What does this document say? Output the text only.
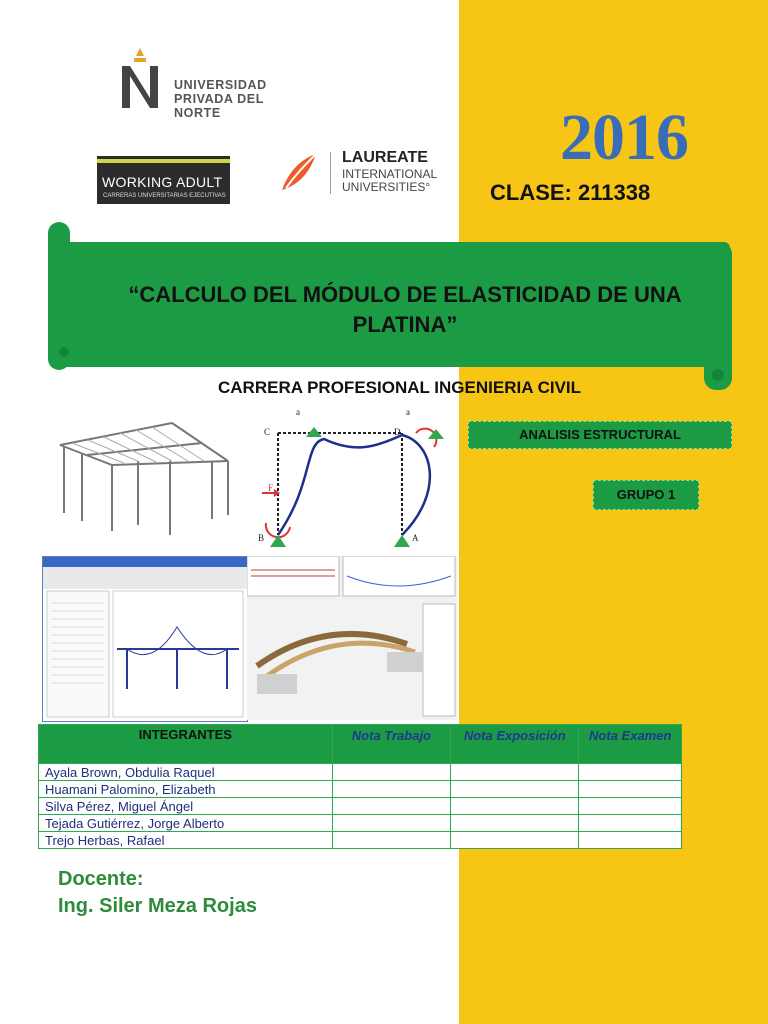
UNIVERSIDAD
PRIVADA DEL NORTE
WORKING ADULT
CARRERAS UNIVERSITARIAS EJECUTIVAS
LAUREATE
INTERNATIONAL
UNIVERSITIES°
2016
CLASE: 211338
“CALCULO DEL MÓDULO DE ELASTICIDAD DE UNA PLATINA”
CARRERA PROFESIONAL INGENIERIA CIVIL
ANALISIS ESTRUCTURAL
GRUPO 1
C	D
B	A
F
a	a
INTEGRANTES	Nota Trabajo	Nota Exposición	Nota Examen
Ayala Brown, Obdulia Raquel			
Huamani Palomino, Elizabeth			
Silva Pérez, Miguel Ángel			
Tejada Gutiérrez, Jorge Alberto			
Trejo Herbas, Rafael			
Docente:
Ing. Siler Meza Rojas
